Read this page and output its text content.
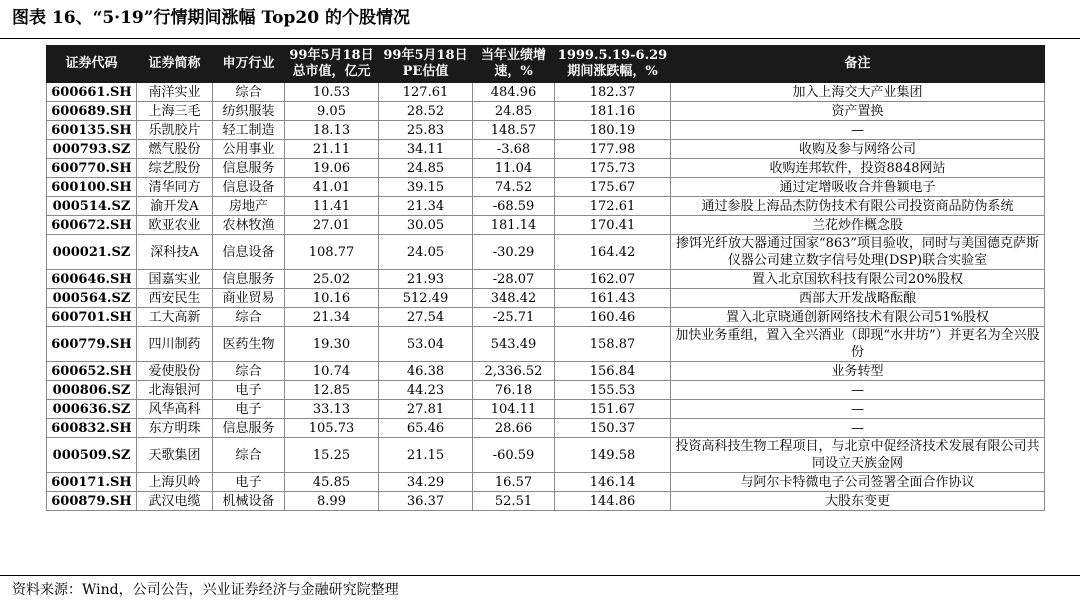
图表 16、“5·19”行情期间涨幅 Top20 的个股情况
证券代码	证券简称	申万行业	99年5月18日总市值，亿元	99年5月18日PE估值	当年业绩增速，%	1999.5.19-6.29期间涨跌幅，%	备注
600661.SH	南洋实业	综合	10.53	127.61	484.96	182.37	加入上海交大产业集团
600689.SH	上海三毛	纺织服装	9.05	28.52	24.85	181.16	资产置换
600135.SH	乐凯胶片	轻工制造	18.13	25.83	148.57	180.19	—
000793.SZ	燃气股份	公用事业	21.11	34.11	-3.68	177.98	收购及参与网络公司
600770.SH	综艺股份	信息服务	19.06	24.85	11.04	175.73	收购连邦软件，投资8848网站
600100.SH	清华同方	信息设备	41.01	39.15	74.52	175.67	通过定增吸收合并鲁颖电子
000514.SZ	渝开发A	房地产	11.41	21.34	-68.59	172.61	通过参股上海品杰防伪技术有限公司投资商品防伪系统
600672.SH	欧亚农业	农林牧渔	27.01	30.05	181.14	170.41	兰花炒作概念股
000021.SZ	深科技A	信息设备	108.77	24.05	-30.29	164.42	掺饵光纤放大器通过国家“863”项目验收，同时与美国德克萨斯仪器公司建立数字信号处理(DSP)联合实验室
600646.SH	国嘉实业	信息服务	25.02	21.93	-28.07	162.07	置入北京国软科技有限公司20%股权
000564.SZ	西安民生	商业贸易	10.16	512.49	348.42	161.43	西部大开发战略酝酿
600701.SH	工大高新	综合	21.34	27.54	-25.71	160.46	置入北京晓通创新网络技术有限公司51%股权
600779.SH	四川制药	医药生物	19.30	53.04	543.49	158.87	加快业务重组，置入全兴酒业（即现“水井坊”）并更名为全兴股份
600652.SH	爱使股份	综合	10.74	46.38	2,336.52	156.84	业务转型
000806.SZ	北海银河	电子	12.85	44.23	76.18	155.53	—
000636.SZ	风华高科	电子	33.13	27.81	104.11	151.67	—
600832.SH	东方明珠	信息服务	105.73	65.46	28.66	150.37	—
000509.SZ	天歌集团	综合	15.25	21.15	-60.59	149.58	投资高科技生物工程项目，与北京中促经济技术发展有限公司共同设立天族金网
600171.SH	上海贝岭	电子	45.85	34.29	16.57	146.14	与阿尔卡特微电子公司签署全面合作协议
600879.SH	武汉电缆	机械设备	8.99	36.37	52.51	144.86	大股东变更
资料来源：Wind，公司公告，兴业证券经济与金融研究院整理
